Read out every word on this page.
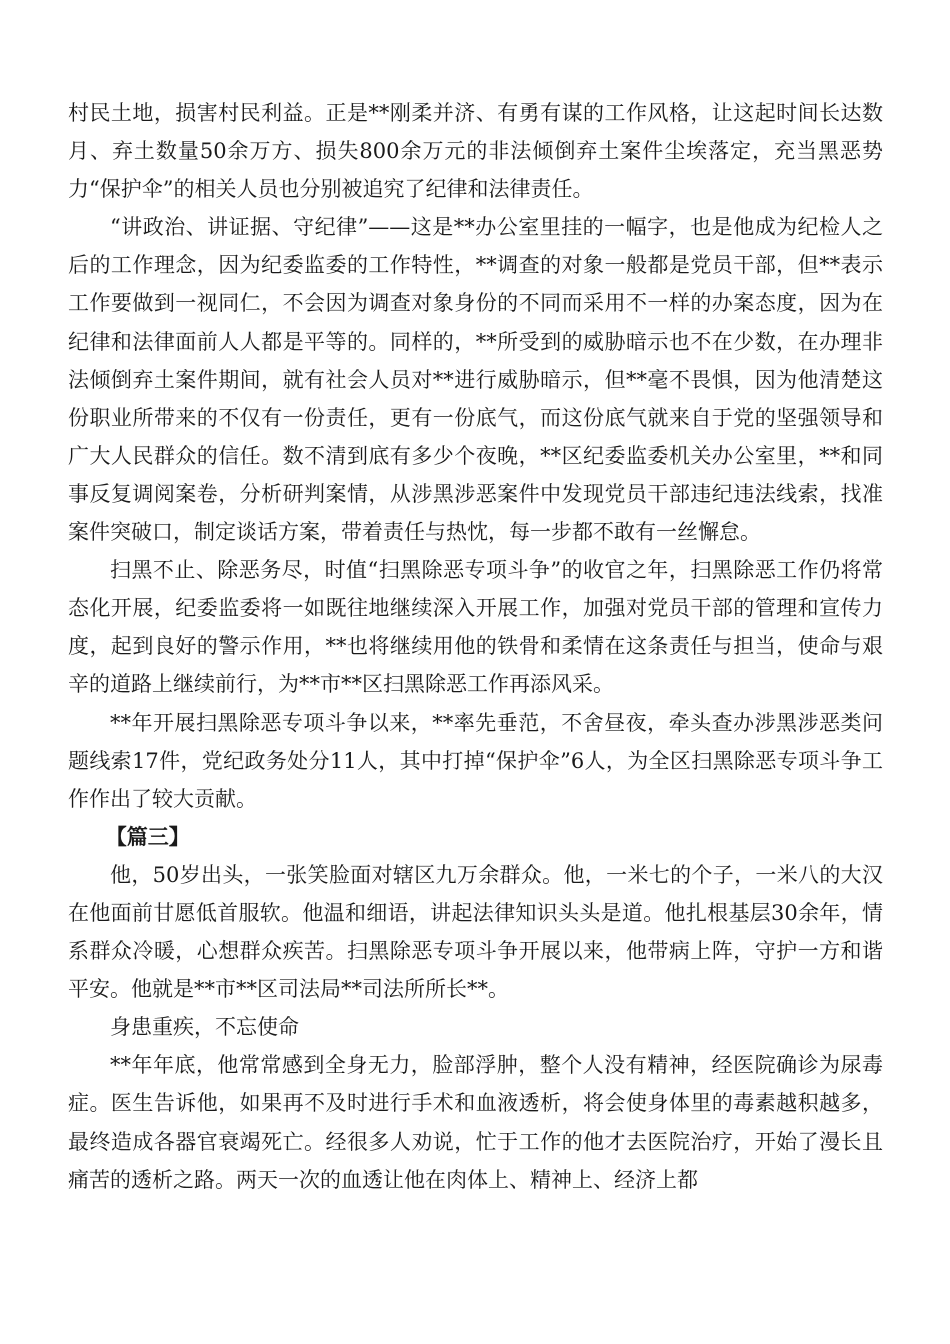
村民土地，损害村民利益。正是**刚柔并济、有勇有谋的工作风格，让这起时间长达数月、弃土数量50余万方、损失800余万元的非法倾倒弃土案件尘埃落定，充当黑恶势力“保护伞”的相关人员也分别被追究了纪律和法律责任。

“讲政治、讲证据、守纪律”——这是**办公室里挂的一幅字，也是他成为纪检人之后的工作理念，因为纪委监委的工作特性，**调查的对象一般都是党员干部，但**表示工作要做到一视同仁，不会因为调查对象身份的不同而采用不一样的办案态度，因为在纪律和法律面前人人都是平等的。同样的，**所受到的威胁暗示也不在少数，在办理非法倾倒弃土案件期间，就有社会人员对**进行威胁暗示，但**毫不畏惧，因为他清楚这份职业所带来的不仅有一份责任，更有一份底气，而这份底气就来自于党的坚强领导和广大人民群众的信任。数不清到底有多少个夜晚，**区纪委监委机关办公室里，**和同事反复调阅案卷，分析研判案情，从涉黑涉恶案件中发现党员干部违纪违法线索，找准案件突破口，制定谈话方案，带着责任与热忱，每一步都不敢有一丝懈怠。

扫黑不止、除恶务尽，时值“扫黑除恶专项斗争”的收官之年，扫黑除恶工作仍将常态化开展，纪委监委将一如既往地继续深入开展工作，加强对党员干部的管理和宣传力度，起到良好的警示作用，**也将继续用他的铁骨和柔情在这条责任与担当，使命与艰辛的道路上继续前行，为**市**区扫黑除恶工作再添风采。

**年开展扫黑除恶专项斗争以来，**率先垂范，不舍昼夜，牵头查办涉黑涉恶类问题线索17件，党纪政务处分11人，其中打掉“保护伞”6人，为全区扫黑除恶专项斗争工作作出了较大贡献。

【篇三】

他，50岁出头，一张笑脸面对辖区九万余群众。他，一米七的个子，一米八的大汉在他面前甘愿低首服软。他温和细语，讲起法律知识头头是道。他扎根基层30余年，情系群众冷暖，心想群众疾苦。扫黑除恶专项斗争开展以来，他带病上阵，守护一方和谐平安。他就是**市**区司法局**司法所所长**。

身患重疾，不忘使命

**年年底，他常常感到全身无力，脸部浮肿，整个人没有精神，经医院确诊为尿毒症。医生告诉他，如果再不及时进行手术和血液透析，将会使身体里的毒素越积越多，最终造成各器官衰竭死亡。经很多人劝说，忙于工作的他才去医院治疗，开始了漫长且痛苦的透析之路。两天一次的血透让他在肉体上、精神上、经济上都
